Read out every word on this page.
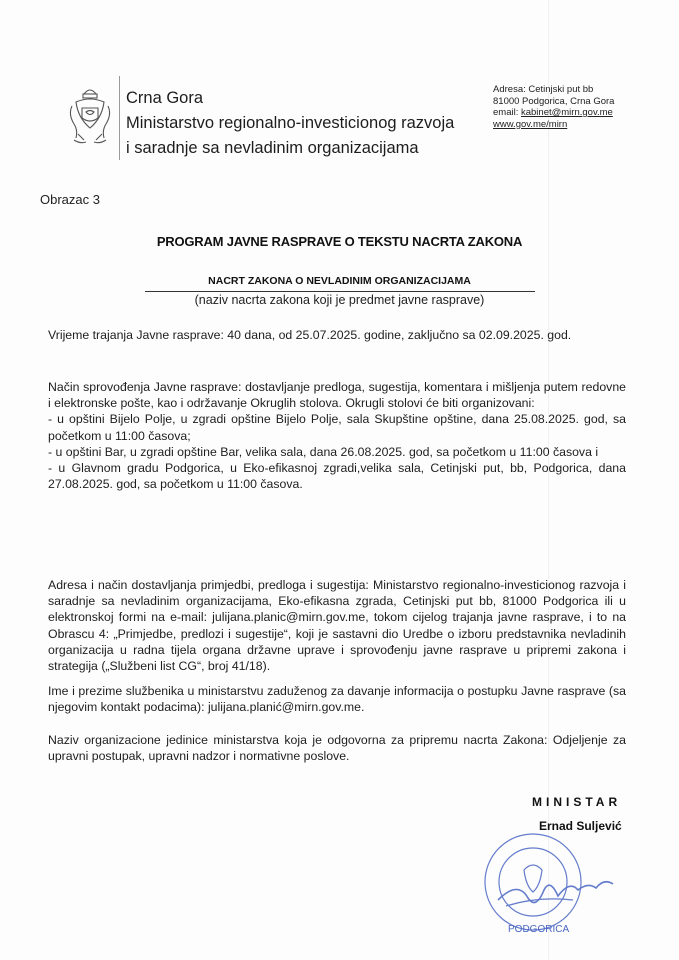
Crna Gora
Ministarstvo regionalno-investicionog razvoja
i saradnje sa nevladinim organizacijama
Adresa: Cetinjski put bb
81000 Podgorica, Crna Gora
email: kabinet@mirn.gov.me
www.gov.me/mirn
Obrazac 3
PROGRAM JAVNE RASPRAVE O TEKSTU NACRTA ZAKONA
NACRT ZAKONA O NEVLADINIM ORGANIZACIJAMA
(naziv nacrta zakona koji je predmet javne rasprave)

Vrijeme trajanja Javne rasprave: 40 dana, od 25.07.2025. godine, zaključno sa 02.09.2025. god.

Način sprovođenja Javne rasprave: dostavljanje predloga, sugestija, komentara i mišljenja putem redovne i elektronske pošte, kao i održavanje Okruglih stolova. Okrugli stolovi će biti organizovani:

- u opštini Bijelo Polje, u zgradi opštine Bijelo Polje, sala Skupštine opštine, dana 25.08.2025. god, sa početkom u 11:00 časova;

- u opštini Bar, u zgradi opštine Bar, velika sala, dana 26.08.2025. god, sa početkom u 11:00 časova i

- u Glavnom gradu Podgorica, u Eko-efikasnoj zgradi,velika sala, Cetinjski put, bb, Podgorica, dana 27.08.2025. god, sa početkom u 11:00 časova.

Adresa i način dostavljanja primjedbi, predloga i sugestija: Ministarstvo regionalno-investicionog razvoja i saradnje sa nevladinim organizacijama, Eko-efikasna zgrada, Cetinjski put bb, 81000 Podgorica ili u elektronskoj formi na e-mail: julijana.planic@mirn.gov.me, tokom cijelog trajanja javne rasprave, i to na Obrascu 4: „Primjedbe, predlozi i sugestije“, koji je sastavni dio Uredbe o izboru predstavnika nevladinih organizacija u radna tijela organa državne uprave i sprovođenju javne rasprave u pripremi zakona i strategija („Službeni list CG“, broj 41/18).

Ime i prezime službenika u ministarstvu zaduženog za davanje informacija o postupku Javne rasprave (sa njegovim kontakt podacima): julijana.planić@mirn.gov.me.

Naziv organizacione jedinice ministarstva koja je odgovorna za pripremu nacrta Zakona: Odjeljenje za upravni postupak, upravni nadzor i normativne poslove.

PODGORICA
MINISTAR
Ernad Suljević
